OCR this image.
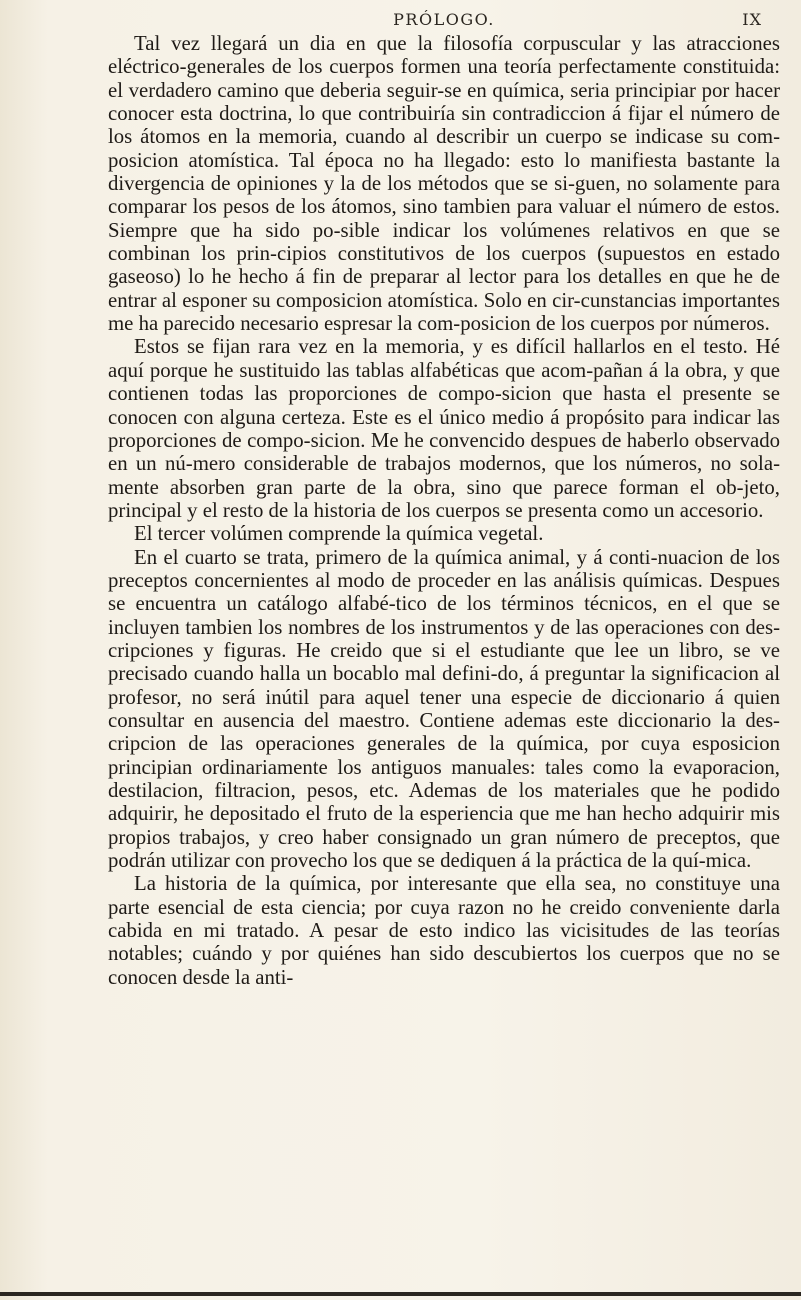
PRÓLOGO.	IX

Tal vez llegará un dia en que la filosofía corpuscular y las atracciones eléctrico-generales de los cuerpos formen una teoría perfectamente constituida: el verdadero camino que deberia seguir-se en química, seria principiar por hacer conocer esta doctrina, lo que contribuiría sin contradiccion á fijar el número de los átomos en la memoria, cuando al describir un cuerpo se indicase su com-posicion atomística. Tal época no ha llegado: esto lo manifiesta bastante la divergencia de opiniones y la de los métodos que se si-guen, no solamente para comparar los pesos de los átomos, sino tambien para valuar el número de estos. Siempre que ha sido po-sible indicar los volúmenes relativos en que se combinan los prin-cipios constitutivos de los cuerpos (supuestos en estado gaseoso) lo he hecho á fin de preparar al lector para los detalles en que he de entrar al esponer su composicion atomística. Solo en cir-cunstancias importantes me ha parecido necesario espresar la com-posicion de los cuerpos por números.

Estos se fijan rara vez en la memoria, y es difícil hallarlos en el testo. Hé aquí porque he sustituido las tablas alfabéticas que acom-pañan á la obra, y que contienen todas las proporciones de compo-sicion que hasta el presente se conocen con alguna certeza. Este es el único medio á propósito para indicar las proporciones de compo-sicion. Me he convencido despues de haberlo observado en un nú-mero considerable de trabajos modernos, que los números, no sola-mente absorben gran parte de la obra, sino que parece forman el ob-jeto, principal y el resto de la historia de los cuerpos se presenta como un accesorio.

El tercer volúmen comprende la química vegetal.

En el cuarto se trata, primero de la química animal, y á conti-nuacion de los preceptos concernientes al modo de proceder en las análisis químicas. Despues se encuentra un catálogo alfabé-tico de los términos técnicos, en el que se incluyen tambien los nombres de los instrumentos y de las operaciones con des-cripciones y figuras. He creido que si el estudiante que lee un libro, se ve precisado cuando halla un bocablo mal defini-do, á preguntar la significacion al profesor, no será inútil para aquel tener una especie de diccionario á quien consultar en ausencia del maestro. Contiene ademas este diccionario la des-cripcion de las operaciones generales de la química, por cuya esposicion principian ordinariamente los antiguos manuales: tales como la evaporacion, destilacion, filtracion, pesos, etc. Ademas de los materiales que he podido adquirir, he depositado el fruto de la esperiencia que me han hecho adquirir mis propios trabajos, y creo haber consignado un gran número de preceptos, que podrán utilizar con provecho los que se dediquen á la práctica de la quí-mica.

La historia de la química, por interesante que ella sea, no constituye una parte esencial de esta ciencia; por cuya razon no he creido conveniente darla cabida en mi tratado. A pesar de esto indico las vicisitudes de las teorías notables; cuándo y por quiénes han sido descubiertos los cuerpos que no se conocen desde la anti-
